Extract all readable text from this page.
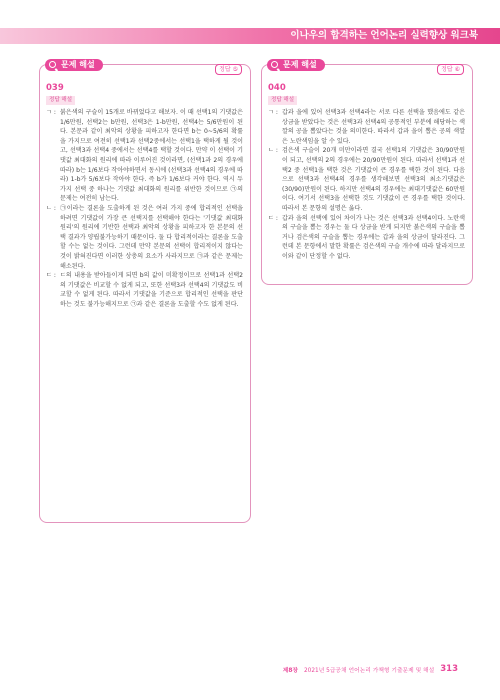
이나우의 합격하는 언어논리 실력향상 워크북
문제 해설
정답 ⑤
039
정답 해설
ㄱ : 붉은색의 구슬이 15개로 바뀌었다고 해보자. 이 때 선택1의 기댓값은 1/6만원, 선택2는 b만원, 선택3은 1-b만원, 선택4는 5/6만원이 된다. 본문과 같이 최악의 상황을 피하고자 한다면 b는 0~5/6의 확률을 가지므로 여전히 선택1과 선택2중에서는 선택1을 택하게 될 것이고, 선택3과 선택4 중에서는 선택4를 택할 것이다. 만약 이 선택이 기댓값 최대화의 원리에 따라 이루어진 것이라면, (선택1과 2의 경우에 따라) b는 1/6보다 작아야하면서 동시에 (선택3과 선택4의 경우에 따라) 1-b가 5/6보다 작아야 한다. 즉 b가 1/6보다 커야 한다. 역시 두 가지 선택 중 하나는 기댓값 최대화의 원리를 위반한 것이므로 ㉠의 문제는 여전히 남는다.
ㄴ : ㉠이라는 결론을 도출하게 된 것은 여러 가지 중에 합리적인 선택을 하려면 기댓값이 가장 큰 선택지를 선택해야 한다는 '기댓값 최대화 원리'의 원리에 기반한 선택과 최악의 상황을 피하고자 한 본문의 선택 결과가 양립불가능하기 때문이다. 둘 다 합리적이라는 결론을 도출할 수는 없는 것이다. 그런데 만약 본문의 선택이 합리적이지 않다는 것이 밝혀진다면 이러한 상충의 요소가 사라지므로 ㉠과 같은 문제는 해소된다.
ㄷ : ㄷ의 내용을 받아들이게 되면 b의 값이 미확정이므로 선택1과 선택2의 기댓값은 비교할 수 없게 되고, 또한 선택3과 선택4의 기댓값도 비교할 수 없게 된다. 따라서 기댓값을 기준으로 합리적인 선택을 판단하는 것도 불가능해지므로 ㉠과 같은 결론을 도출할 수도 없게 된다.
문제 해설
정답 ⑥
040
정답 해설
ㄱ : 갑과 을에 있어 선택3과 선택4라는 서로 다른 선택을 했음에도 같은 상금을 받았다는 것은 선택3과 선택4의 공통적인 부분에 해당하는 색깔의 공을 뽑았다는 것을 의미한다. 따라서 갑과 을이 뽑은 공의 색깔은 노란색임을 알 수 있다.
ㄴ : 검은색 구슬이 20개 미만이라면 결국 선택1의 기댓값은 30/90만원이 되고, 선택의 2의 경우에는 20/90만원이 된다. 따라서 선택1과 선택2 중 선택1을 택한 것은 기댓값이 큰 경우를 택한 것이 된다. 다음으로 선택3과 선택4의 경우를 생각해보면 선택3의 최소기댓값은 (30/90)만원이 된다. 하지만 선택4의 경우에는 최대기댓값은 60만원이다. 여기서 선택3을 선택한 것도 기댓값이 큰 경우를 택한 것이다. 따라서 본 문항의 설명은 옳다.
ㄷ : 갑과 을의 선택에 있어 차이가 나는 것은 선택3과 선택4이다. 노란색의 구슬을 뽑는 경우는 둘 다 상금을 받게 되지만 붉은색의 구슬을 뽑거나 검은색의 구슬을 뽑는 경우에는 갑과 을의 상금이 달라진다. 그런데 본 문항에서 말한 확률은 검은색의 구슬 개수에 따라 달라지므로 이와 같이 단정할 수 없다.
제8장 2021년 5급공채 언어논리 가책형 기출문제 및 해설 313
